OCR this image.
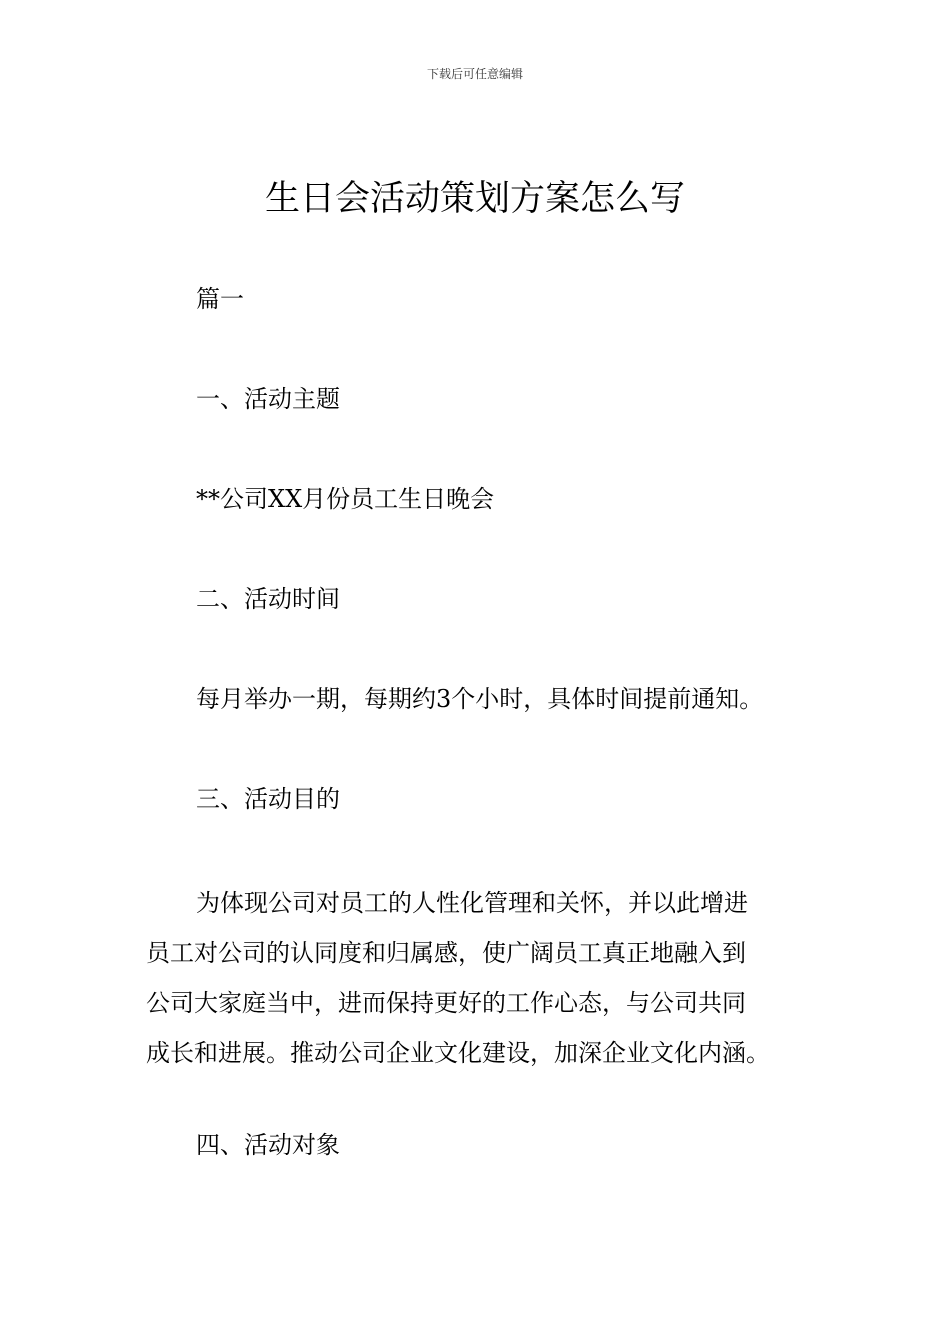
下载后可任意编辑
生日会活动策划方案怎么写

篇一

一、活动主题

**公司XX月份员工生日晚会

二、活动时间

每月举办一期，每期约3个小时，具体时间提前通知。

三、活动目的

为体现公司对员工的人性化管理和关怀，并以此增进
员工对公司的认同度和归属感，使广阔员工真正地融入到
公司大家庭当中，进而保持更好的工作心态，与公司共同
成长和进展。推动公司企业文化建设，加深企业文化内涵。

四、活动对象
